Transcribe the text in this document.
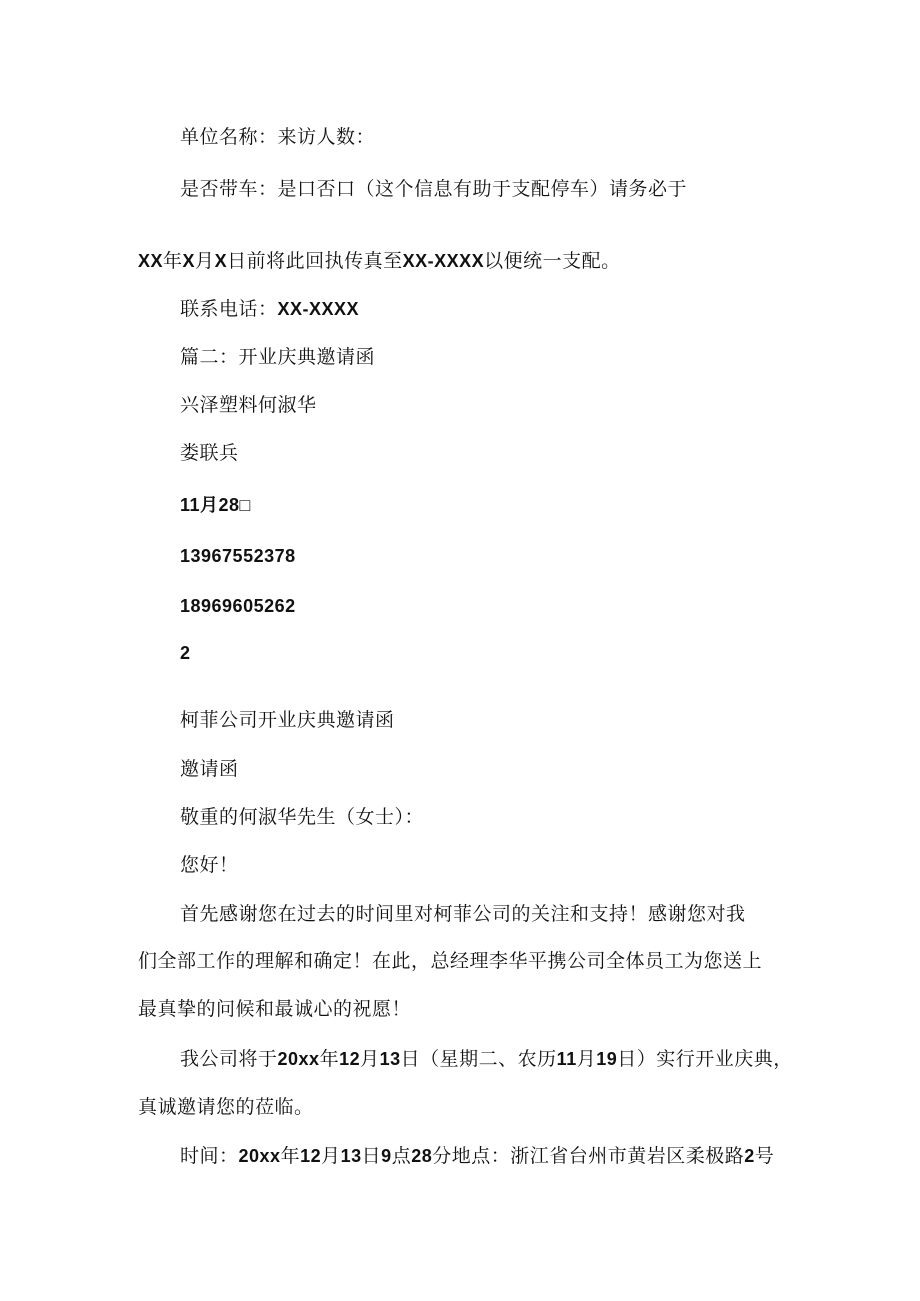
单位名称：来访人数：
是否带车：是口否口（这个信息有助于支配停车）请务必于
XX年X月X日前将此回执传真至XX-XXXX以便统一支配。
联系电话：XX-XXXX
篇二：开业庆典邀请函
兴泽塑料何淑华
娄联兵
11月28□
13967552378
18969605262
2
柯菲公司开业庆典邀请函
邀请函
敬重的何淑华先生（女士）：
您好！
首先感谢您在过去的时间里对柯菲公司的关注和支持！感谢您对我
们全部工作的理解和确定！在此，总经理李华平携公司全体员工为您送上
最真挚的问候和最诚心的祝愿！
我公司将于20xx年12月13日（星期二、农历11月19日）实行开业庆典，
真诚邀请您的莅临。
时间：20xx年12月13日9点28分地点：浙江省台州市黄岩区柔极路2号
